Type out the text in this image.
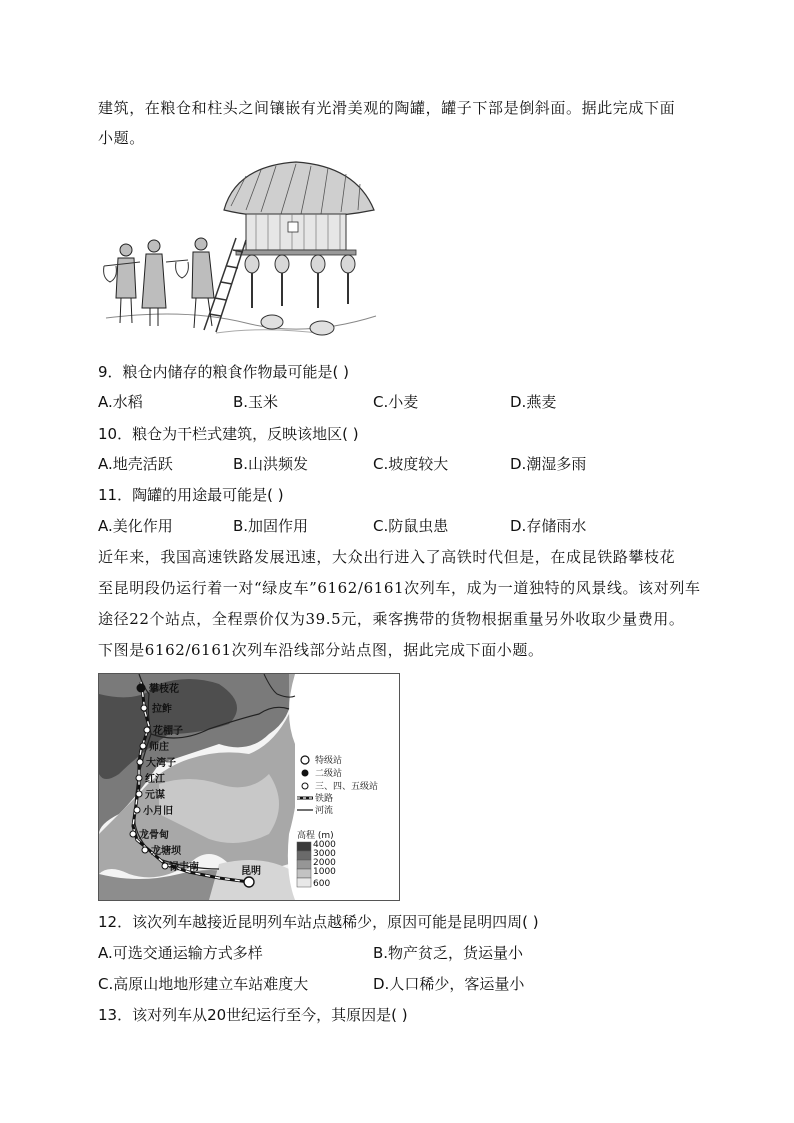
建筑，在粮仓和柱头之间镶嵌有光滑美观的陶罐，罐子下部是倒斜面。据此完成下面
小题。
9．粮仓内储存的粮食作物最可能是( )
A.水稻	B.玉米	C.小麦	D.燕麦
10．粮仓为干栏式建筑，反映该地区( )
A.地壳活跃	B.山洪频发	C.坡度较大	D.潮湿多雨
11．陶罐的用途最可能是( )
A.美化作用	B.加固作用	C.防鼠虫患	D.存储雨水
近年来，我国高速铁路发展迅速，大众出行进入了高铁时代但是，在成昆铁路攀枝花
至昆明段仍运行着一对“绿皮车”6162/6161次列车，成为一道独特的风景线。该对列车
途径22个站点，全程票价仅为39.5元，乘客携带的货物根据重量另外收取少量费用。
下图是6162/6161次列车沿线部分站点图，据此完成下面小题。
攀枝花
拉鲊
花棚子
师庄
大湾子
红江
元谋
小月旧
龙骨甸
龙塘坝
禄丰南	昆明
特级站
二级站
三、四、五级站
铁路
河流
高程 (m)
4000
3000
2000
1000
600
12．该次列车越接近昆明列车站点越稀少，原因可能是昆明四周( )
A.可选交通运输方式多样	B.物产贫乏，货运量小
C.高原山地地形建立车站难度大	D.人口稀少，客运量小
13．该对列车从20世纪运行至今，其原因是( )
